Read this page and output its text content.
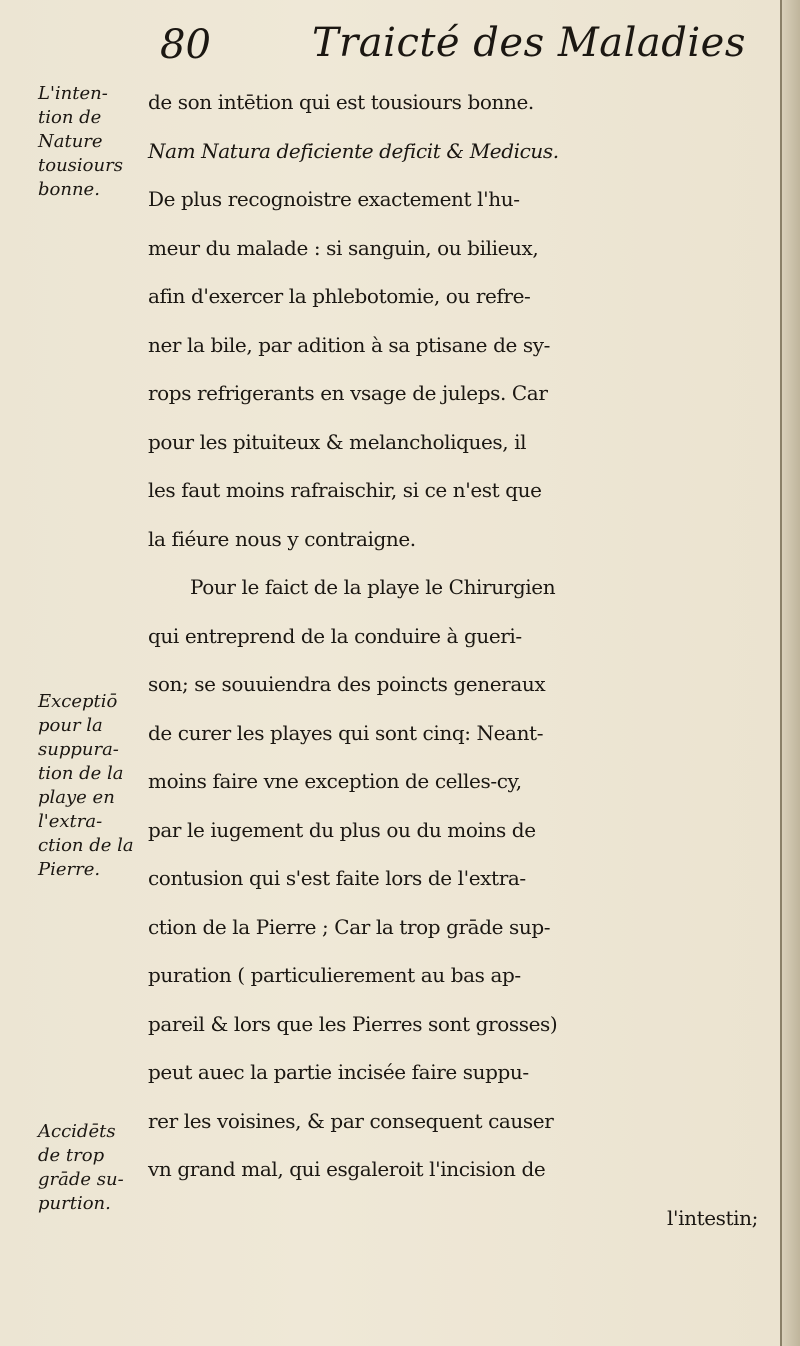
80	Traicté des Maladies
L'inten-
tion de
Nature
tousiours
bonne.
Exceptiō
pour la
suppura-
tion de la
playe en
l'extra-
ction de la
Pierre.
Accidēts
de trop
grāde su-
purtion.
de son intētion qui est tousiours bonne.
Nam Natura deficiente deficit & Medicus.
De plus recognoistre exactement l'hu-
meur du malade : si sanguin, ou bilieux,
afin d'exercer la phlebotomie, ou refre-
ner la bile, par adition à sa ptisane de sy-
rops refrigerants en vsage de juleps. Car
pour les pituiteux & melancholiques, il
les faut moins rafraischir, si ce n'est que
la fiéure nous y contraigne.
Pour le faict de la playe le Chirurgien
qui entreprend de la conduire à gueri-
son; se souuiendra des poincts generaux
de curer les playes qui sont cinq: Neant-
moins faire vne exception de celles-cy,
par le iugement du plus ou du moins de
contusion qui s'est faite lors de l'extra-
ction de la Pierre ; Car la trop grāde sup-
puration ( particulierement au bas ap-
pareil & lors que les Pierres sont grosses)
peut auec la partie incisée faire suppu-
rer les voisines, & par consequent causer
vn grand mal, qui esgaleroit l'incision de
l'intestin;
